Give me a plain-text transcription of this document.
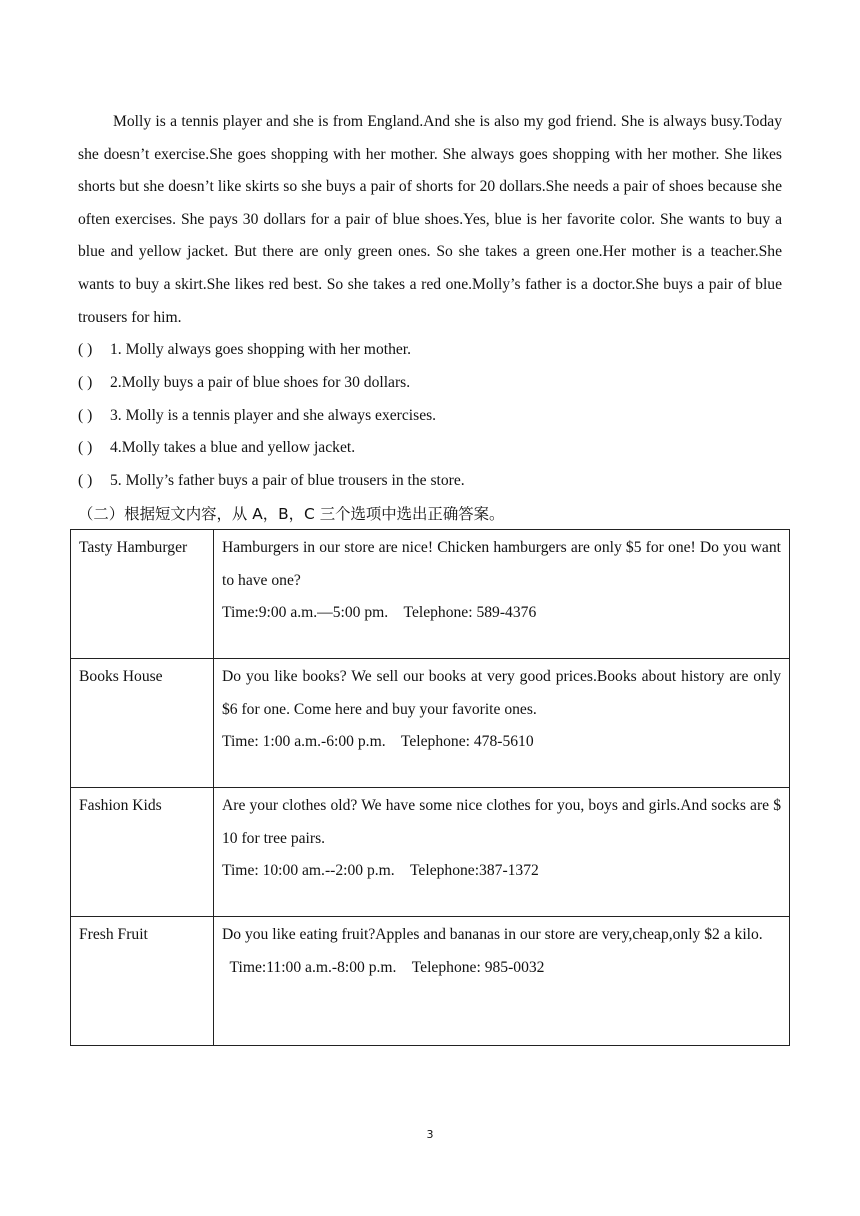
Molly is a tennis player and she is from England.And she is also my god friend. She is always busy.Today she doesn’t exercise.She goes shopping with her mother. She always goes shopping with her mother. She likes shorts but she doesn’t like skirts so she buys a pair of shorts for 20 dollars.She needs a pair of shoes because she often exercises. She pays 30 dollars for a pair of blue shoes.Yes, blue is her favorite color. She wants to buy a blue and yellow jacket. But there are only green ones. So she takes a green one.Her mother is a teacher.She wants to buy a skirt.She likes red best. So she takes a red one.Molly’s father is a doctor.She buys a pair of blue trousers for him.

( ) 1. Molly always goes shopping with her mother.
( ) 2.Molly buys a pair of blue shoes for 30 dollars.
( ) 3. Molly is a tennis player and she always exercises.
( ) 4.Molly takes a blue and yellow jacket.
( ) 5. Molly’s father buys a pair of blue trousers in the store.
（二）根据短文内容，从 A，B，C 三个选项中选出正确答案。
Tasty Hamburger	Hamburgers in our store are nice! Chicken hamburgers are only $5 for one! Do you want to have one?
Time:9:00 a.m.—5:00 pm.    Telephone: 589-4376

Books House	Do you like books? We sell our books at very good prices.Books about history are only $6 for one. Come here and buy your favorite ones.
Time: 1:00 a.m.-6:00 p.m.    Telephone: 478-5610

Fashion Kids	Are your clothes old? We have some nice clothes for you, boys and girls.And socks are $ 10 for tree pairs.
Time: 10:00 am.--2:00 p.m.    Telephone:387-1372

Fresh Fruit	Do you like eating fruit?Apples and bananas in our store are very,cheap,only $2 a kilo.
Time:11:00 a.m.-8:00 p.m.    Telephone: 985-0032
3
